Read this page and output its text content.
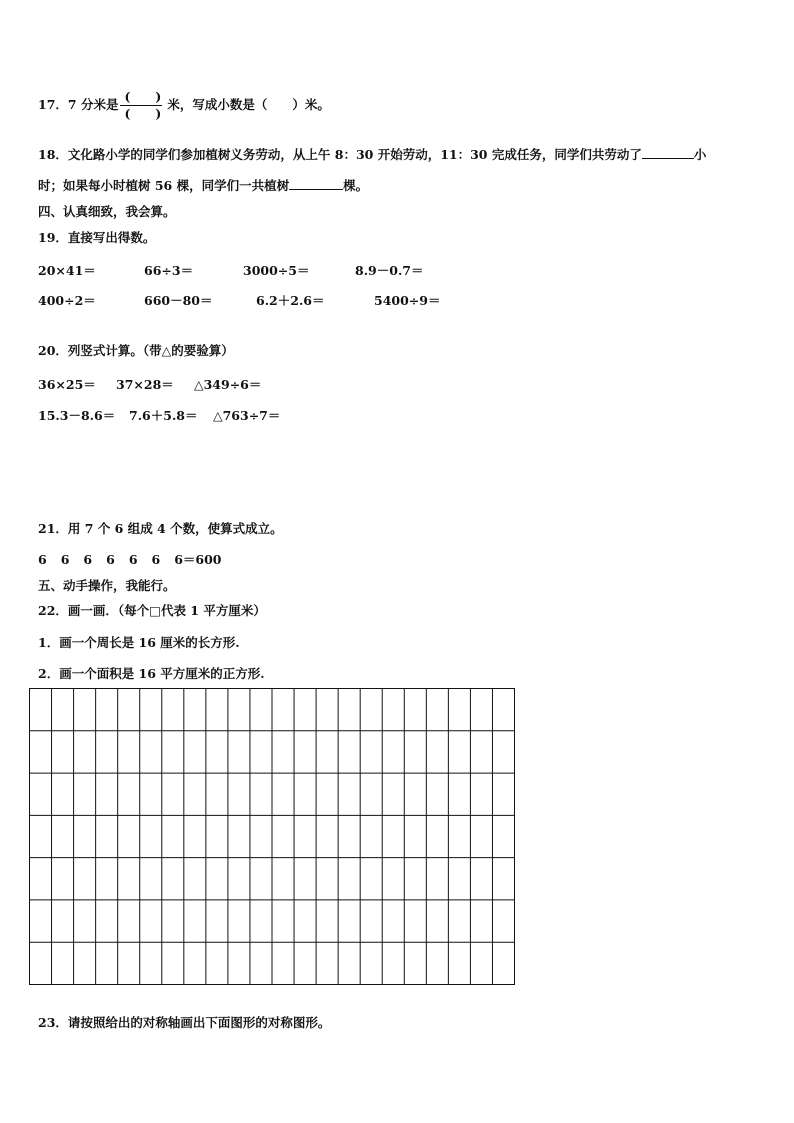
17．7 分米是 $\frac{( )}{( )}$ 米，写成小数是（　　）米。
18．文化路小学的同学们参加植树义务劳动，从上午 8：30 开始劳动，11：30 完成任务，同学们共劳动了	小
时；如果每小时植树 56 棵，同学们一共植树	棵。
四、认真细致，我会算。
19．直接写出得数。
20×41＝	66÷3＝	3000÷5＝	8.9－0.7＝
400÷2＝	660－80＝	6.2＋2.6＝	5400÷9＝
20．列竖式计算。（带△的要验算）
36×25＝ 37×28＝ △349÷6＝
15.3－8.6＝ 7.6＋5.8＝ △763÷7＝
21．用 7 个 6 组成 4 个数，使算式成立。
6 6 6 6 6 6 6＝600
五、动手操作，我能行。
22．画一画．（每个□代表 1 平方厘米）
1．画一个周长是 16 厘米的长方形.
2．画一个面积是 16 平方厘米的正方形.
23．请按照给出的对称轴画出下面图形的对称图形。
